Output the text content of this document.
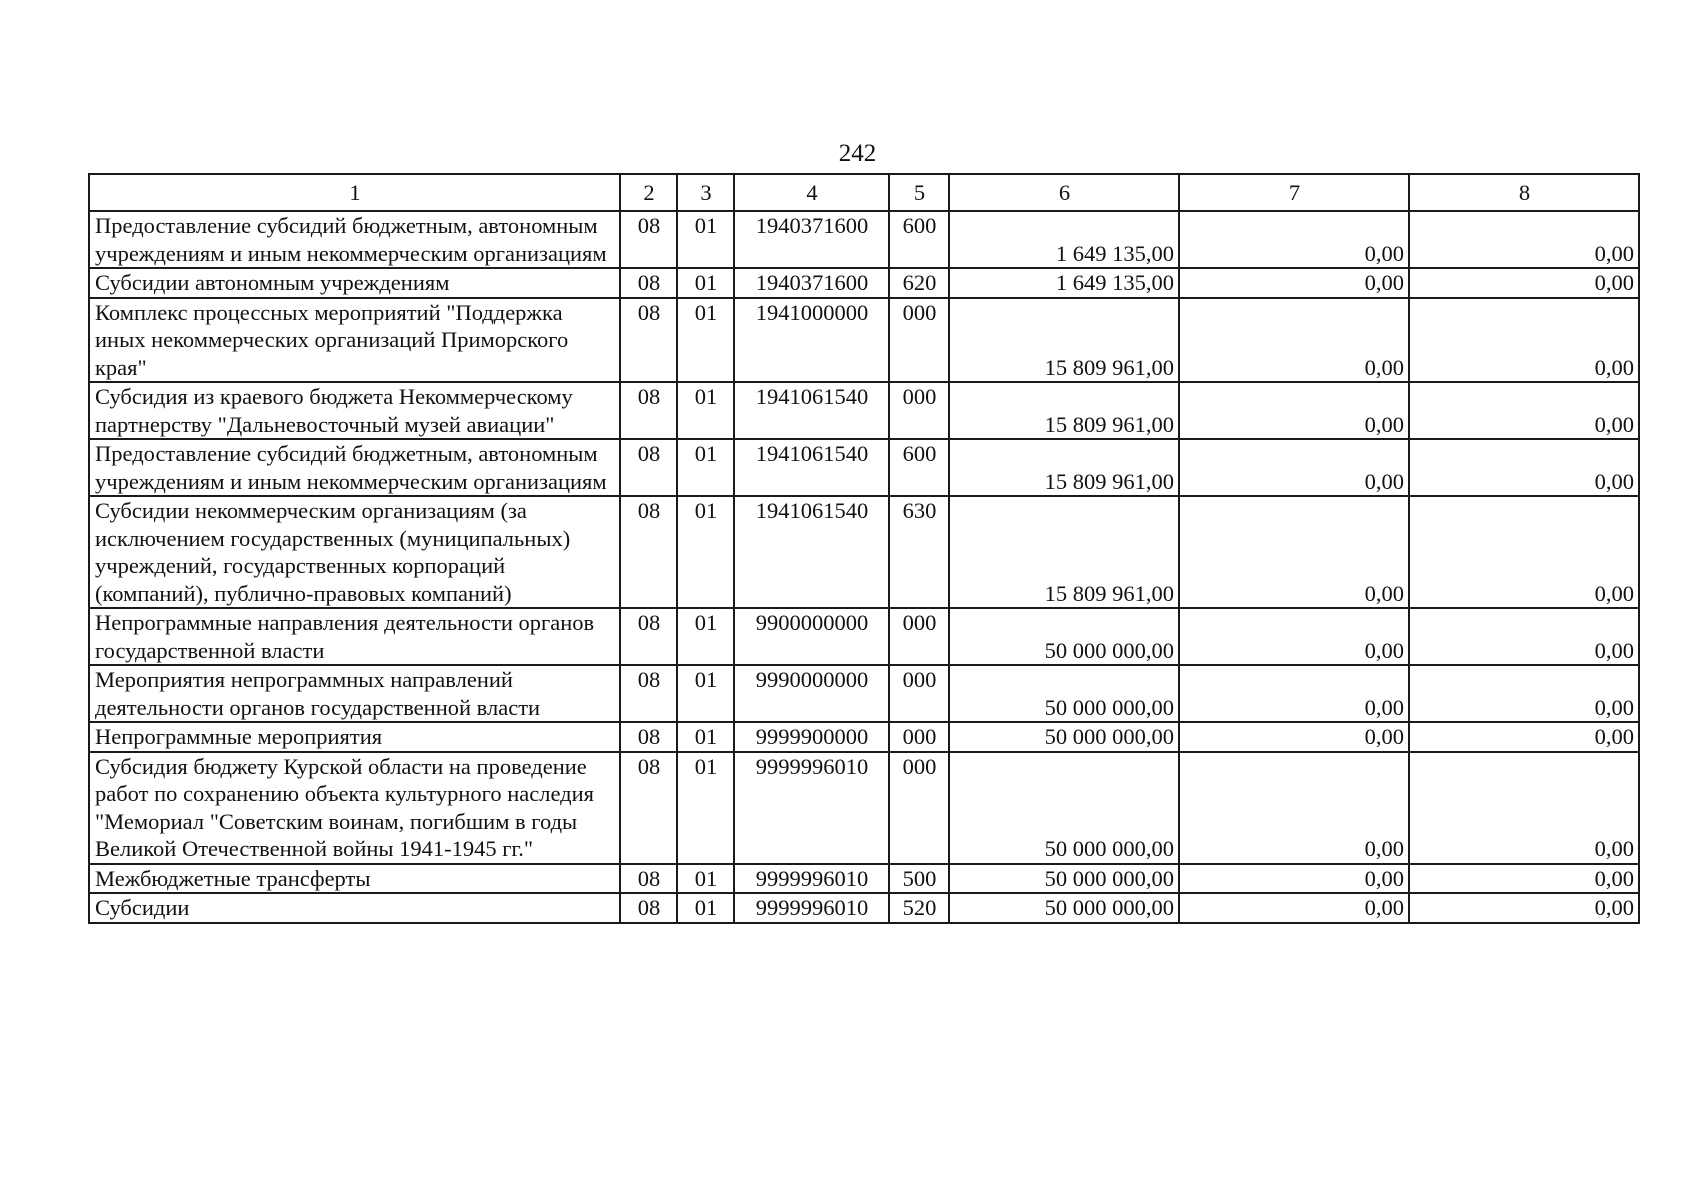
242
1	2	3	4	5	6	7	8
Предоставление субсидий бюджетным, автономным учреждениям и иным некоммерческим организациям	08	01	1940371600	600	1 649 135,00	0,00	0,00
Субсидии автономным учреждениям	08	01	1940371600	620	1 649 135,00	0,00	0,00
Комплекс процессных мероприятий "Поддержка иных некоммерческих организаций Приморского края"	08	01	1941000000	000	15 809 961,00	0,00	0,00
Субсидия из краевого бюджета Некоммерческому партнерству "Дальневосточный музей авиации"	08	01	1941061540	000	15 809 961,00	0,00	0,00
Предоставление субсидий бюджетным, автономным учреждениям и иным некоммерческим организациям	08	01	1941061540	600	15 809 961,00	0,00	0,00
Субсидии некоммерческим организациям (за исключением государственных (муниципальных) учреждений, государственных корпораций (компаний), публично-правовых компаний)	08	01	1941061540	630	15 809 961,00	0,00	0,00
Непрограммные направления деятельности органов государственной власти	08	01	9900000000	000	50 000 000,00	0,00	0,00
Мероприятия непрограммных направлений деятельности органов государственной власти	08	01	9990000000	000	50 000 000,00	0,00	0,00
Непрограммные мероприятия	08	01	9999900000	000	50 000 000,00	0,00	0,00
Субсидия бюджету Курской области на проведение работ по сохранению объекта культурного наследия "Мемориал "Советским воинам, погибшим в годы Великой Отечественной войны 1941-1945 гг."	08	01	9999996010	000	50 000 000,00	0,00	0,00
Межбюджетные трансферты	08	01	9999996010	500	50 000 000,00	0,00	0,00
Субсидии	08	01	9999996010	520	50 000 000,00	0,00	0,00
